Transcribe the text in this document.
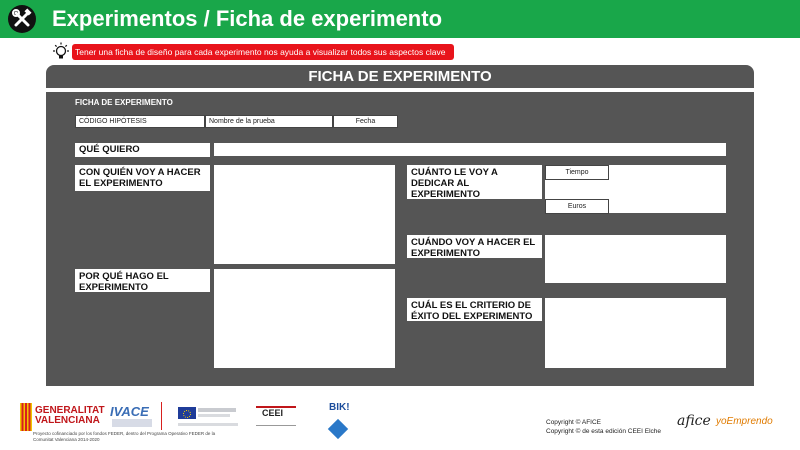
Experimentos / Ficha de experimento
Tener una ficha de diseño para cada experimento nos ayuda a visualizar todos sus aspectos clave
FICHA DE EXPERIMENTO
FICHA DE EXPERIMENTO
CÓDIGO HIPÓTESIS	Nombre de la prueba	Fecha
QUÉ QUIERO
CON QUIÉN VOY A HACER EL EXPERIMENTO
POR QUÉ HAGO EL EXPERIMENTO
CUÁNTO LE VOY A DEDICAR AL EXPERIMENTO
Tiempo
Euros
CUÁNDO VOY A HACER EL EXPERIMENTO
CUÁL ES EL CRITERIO DE ÉXITO DEL EXPERIMENTO
GENERALITAT
VALENCIANA
IVACE	CEEI	BIK!
Proyecto cofinanciado por los fondos FEDER, dentro del Programa Operativo FEDER de la Comunitat Valenciana 2014-2020
Copyright © AFICE
Copyright © de esta edición CEEI Elche
afice yoEmprendo
